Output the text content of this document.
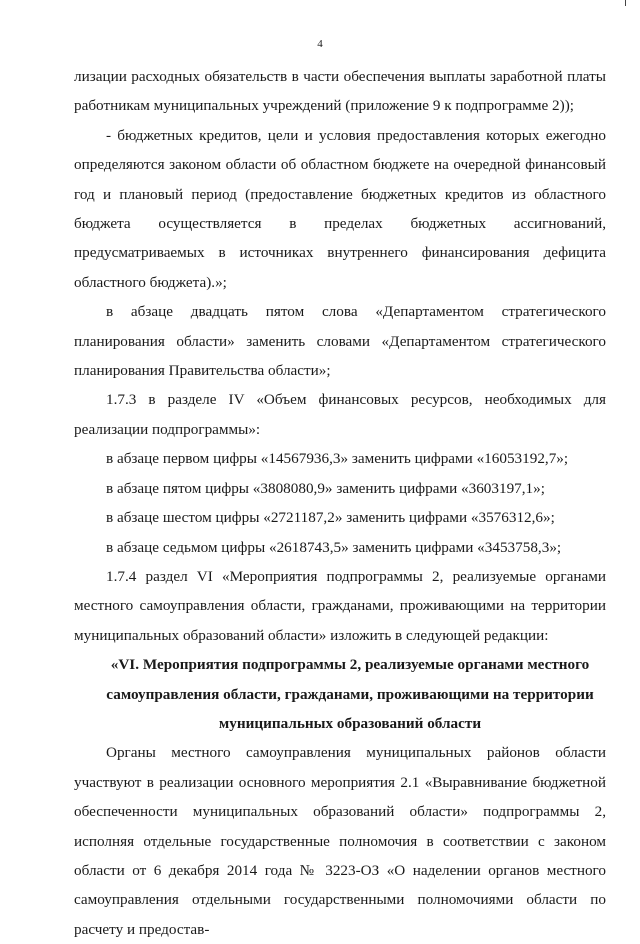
4

лизации расходных обязательств в части обеспечения выплаты заработной платы работникам муниципальных учреждений (приложение 9 к подпрограмме 2));

- бюджетных кредитов, цели и условия предоставления которых ежегодно определяются законом области об областном бюджете на очередной финансовый год и плановый период (предоставление бюджетных кредитов из областного бюджета осуществляется в пределах бюджетных ассигнований, предусматриваемых в источниках внутреннего финансирования дефицита областного бюджета).»;

в абзаце двадцать пятом слова «Департаментом стратегического планирования области» заменить словами «Департаментом стратегического планирования Правительства области»;

1.7.3 в разделе IV «Объем финансовых ресурсов, необходимых для реализации подпрограммы»:

в абзаце первом цифры «14567936,3» заменить цифрами «16053192,7»;

в абзаце пятом цифры «3808080,9» заменить цифрами «3603197,1»;

в абзаце шестом цифры «2721187,2» заменить цифрами «3576312,6»;

в абзаце седьмом цифры «2618743,5» заменить цифрами «3453758,3»;

1.7.4 раздел VI «Мероприятия подпрограммы 2, реализуемые органами местного самоуправления области, гражданами, проживающими на территории муниципальных образований области» изложить в следующей редакции:

«VI. Мероприятия подпрограммы 2, реализуемые органами местного самоуправления области, гражданами, проживающими на территории муниципальных образований области

Органы местного самоуправления муниципальных районов области участвуют в реализации основного мероприятия 2.1 «Выравнивание бюджетной обеспеченности муниципальных образований области» подпрограммы 2, исполняя отдельные государственные полномочия в соответствии с законом области от 6 декабря 2014 года № 3223-ОЗ «О наделении органов местного самоуправления отдельными государственными полномочиями области по расчету и предостав-
